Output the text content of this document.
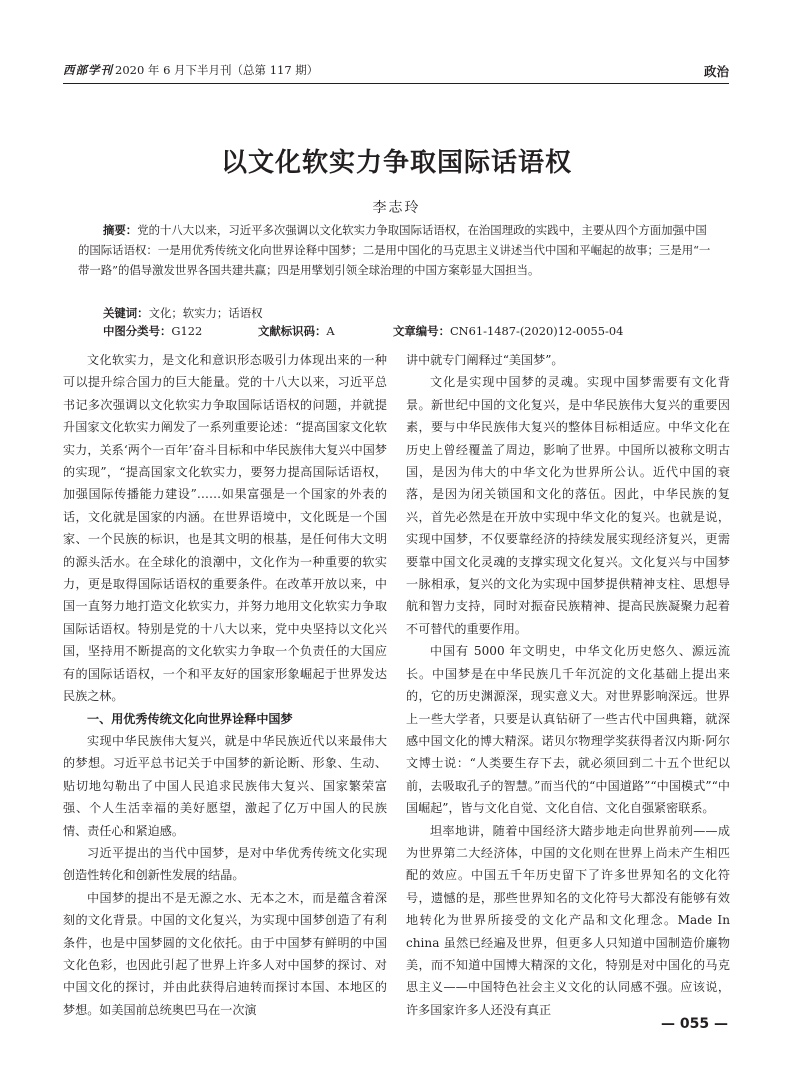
西部学刊 2020 年 6 月下半月刊（总第 117 期）	政治
以文化软实力争取国际话语权
李志玲

摘要：党的十八大以来，习近平多次强调以文化软实力争取国际话语权，在治国理政的实践中，主要从四个方面加强中国的国际话语权：一是用优秀传统文化向世界诠释中国梦；二是用中国化的马克思主义讲述当代中国和平崛起的故事；三是用“一带一路”的倡导激发世界各国共建共赢；四是用擘划引领全球治理的中国方案彰显大国担当。

关键词：文化；软实力；话语权
中图分类号：G122	文献标识码：A	文章编号：CN61-1487-(2020)12-0055-04

文化软实力，是文化和意识形态吸引力体现出来的一种可以提升综合国力的巨大能量。党的十八大以来，习近平总书记多次强调以文化软实力争取国际话语权的问题，并就提升国家文化软实力阐发了一系列重要论述：“提高国家文化软实力，关系‘两个一百年’奋斗目标和中华民族伟大复兴中国梦的实现”，“提高国家文化软实力，要努力提高国际话语权，加强国际传播能力建设”……如果富强是一个国家的外表的话，文化就是国家的内涵。在世界语境中，文化既是一个国家、一个民族的标识，也是其文明的根基，是任何伟大文明的源头活水。在全球化的浪潮中，文化作为一种重要的软实力，更是取得国际话语权的重要条件。在改革开放以来，中国一直努力地打造文化软实力，并努力地用文化软实力争取国际话语权。特别是党的十八大以来，党中央坚持以文化兴国，坚持用不断提高的文化软实力争取一个负责任的大国应有的国际话语权，一个和平友好的国家形象崛起于世界发达民族之林。

一、用优秀传统文化向世界诠释中国梦

实现中华民族伟大复兴，就是中华民族近代以来最伟大的梦想。习近平总书记关于中国梦的新论断、形象、生动、贴切地勾勒出了中国人民追求民族伟大复兴、国家繁荣富强、个人生活幸福的美好愿望，激起了亿万中国人的民族情、责任心和紧迫感。

习近平提出的当代中国梦，是对中华优秀传统文化实现创造性转化和创新性发展的结晶。

中国梦的提出不是无源之水、无本之木，而是蕴含着深刻的文化背景。中国的文化复兴，为实现中国梦创造了有利条件，也是中国梦圆的文化依托。由于中国梦有鲜明的中国文化色彩，也因此引起了世界上许多人对中国梦的探讨、对中国文化的探讨，并由此获得启迪转而探讨本国、本地区的梦想。如美国前总统奥巴马在一次演

讲中就专门阐释过“美国梦”。

文化是实现中国梦的灵魂。实现中国梦需要有文化背景。新世纪中国的文化复兴，是中华民族伟大复兴的重要因素，要与中华民族伟大复兴的整体目标相适应。中华文化在历史上曾经覆盖了周边，影响了世界。中国所以被称文明古国，是因为伟大的中华文化为世界所公认。近代中国的衰落，是因为闭关锁国和文化的落伍。因此，中华民族的复兴，首先必然是在开放中实现中华文化的复兴。也就是说，实现中国梦，不仅要靠经济的持续发展实现经济复兴，更需要靠中国文化灵魂的支撑实现文化复兴。文化复兴与中国梦一脉相承，复兴的文化为实现中国梦提供精神支柱、思想导航和智力支持，同时对振奋民族精神、提高民族凝聚力起着不可替代的重要作用。

中国有 5000 年文明史，中华文化历史悠久、源远流长。中国梦是在中华民族几千年沉淀的文化基础上提出来的，它的历史渊源深，现实意义大。对世界影响深远。世界上一些大学者，只要是认真钻研了一些古代中国典籍，就深感中国文化的博大精深。诺贝尔物理学奖获得者汉内斯·阿尔文博士说：“人类要生存下去，就必须回到二十五个世纪以前，去吸取孔子的智慧。”而当代的“中国道路”“中国模式”“中国崛起”，皆与文化自觉、文化自信、文化自强紧密联系。

坦率地讲，随着中国经济大踏步地走向世界前列——成为世界第二大经济体，中国的文化则在世界上尚未产生相匹配的效应。中国五千年历史留下了许多世界知名的文化符号，遗憾的是，那些世界知名的文化符号大都没有能够有效地转化为世界所接受的文化产品和文化理念。Made In china 虽然已经遍及世界，但更多人只知道中国制造价廉物美，而不知道中国博大精深的文化，特别是对中国化的马克思主义——中国特色社会主义文化的认同感不强。应该说，许多国家许多人还没有真正

— 055 —
